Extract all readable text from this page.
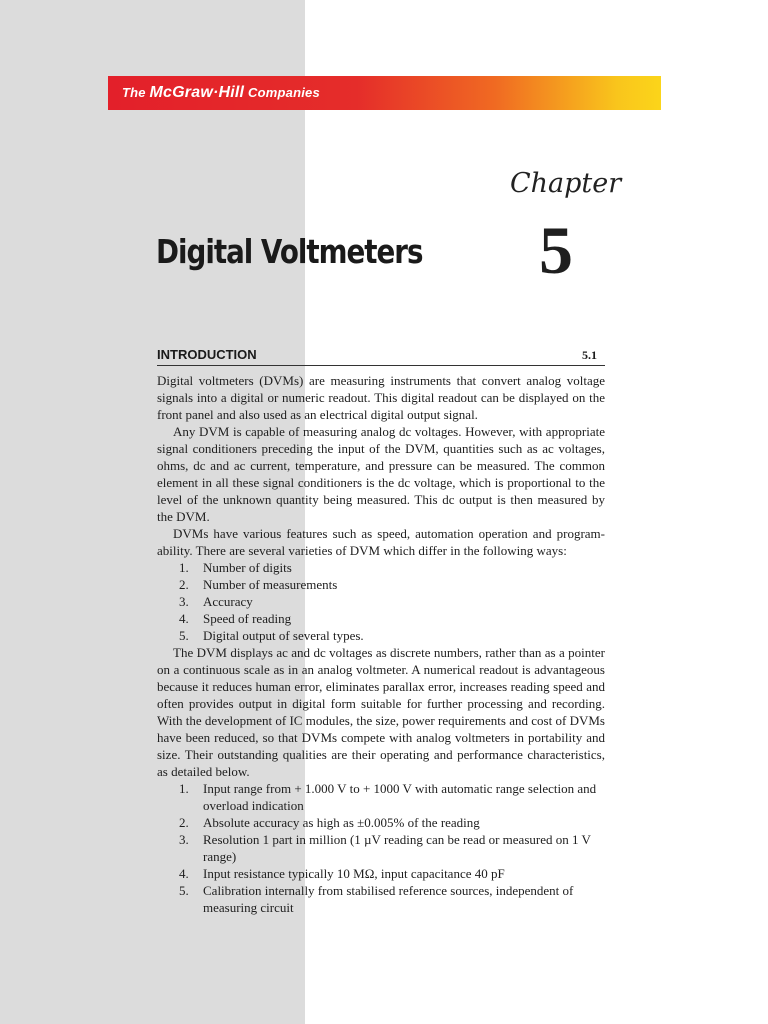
The McGraw·Hill Companies
Chapter
5
Digital Voltmeters
INTRODUCTION	5.1

Digital voltmeters (DVMs) are measuring instruments that convert analog voltage signals into a digital or numeric readout. This digital readout can be displayed on the front panel and also used as an electrical digital output signal.

Any DVM is capable of measuring analog dc voltages. However, with appropriate signal conditioners preceding the input of the DVM, quantities such as ac voltages, ohms, dc and ac current, temperature, and pressure can be measured. The common element in all these signal conditioners is the dc voltage, which is proportional to the level of the unknown quantity being measured. This dc output is then measured by the DVM.

DVMs have various features such as speed, automation operation and program-ability. There are several varieties of DVM which differ in the following ways:

1. Number of digits
2. Number of measurements
3. Accuracy
4. Speed of reading
5. Digital output of several types.

The DVM displays ac and dc voltages as discrete numbers, rather than as a pointer on a continuous scale as in an analog voltmeter. A numerical readout is advantageous because it reduces human error, eliminates parallax error, increases reading speed and often provides output in digital form suitable for further processing and recording. With the development of IC modules, the size, power requirements and cost of DVMs have been reduced, so that DVMs compete with analog voltmeters in portability and size. Their outstanding qualities are their operating and performance characteristics, as detailed below.

1. Input range from + 1.000 V to + 1000 V with automatic range selection and overload indication
2. Absolute accuracy as high as ±0.005% of the reading
3. Resolution 1 part in million (1 µV reading can be read or measured on 1 V range)
4. Input resistance typically 10 MΩ, input capacitance 40 pF
5. Calibration internally from stabilised reference sources, independent of measuring circuit
